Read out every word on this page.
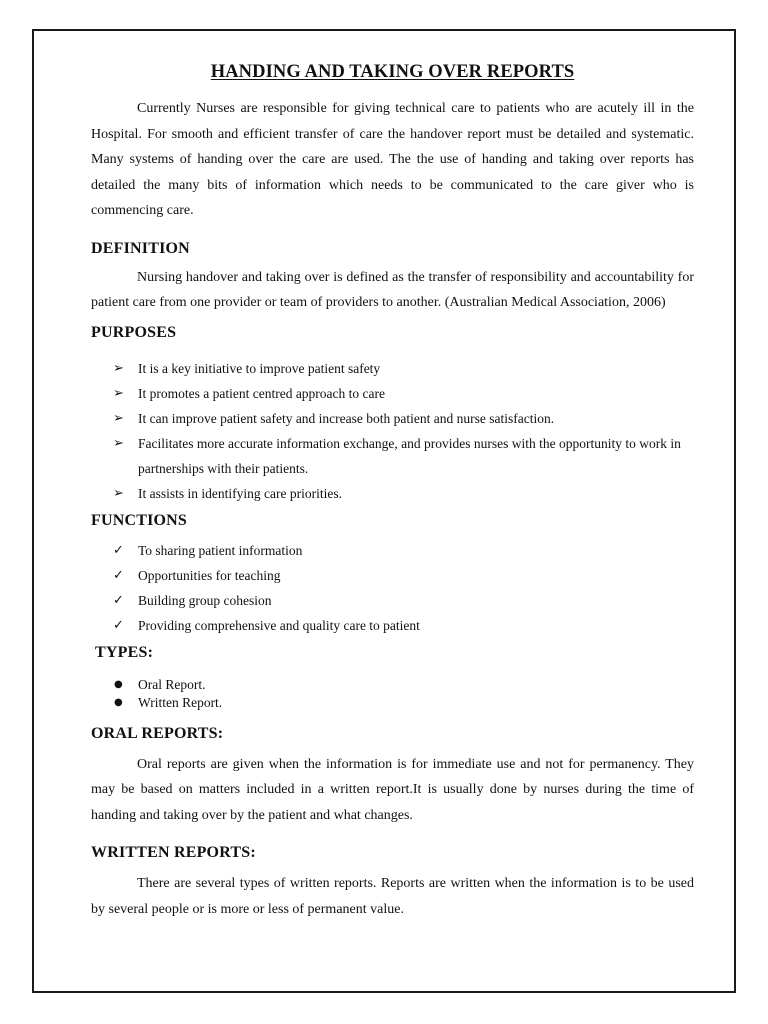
HANDING AND TAKING OVER REPORTS

Currently Nurses are responsible for giving technical care to patients who are acutely ill in the Hospital. For smooth and efficient transfer of care the handover report must be detailed and systematic. Many systems of handing over the care are used. The the use of handing and taking over reports has detailed the many bits of information which needs to be communicated to the care giver who is commencing care.

DEFINITION

Nursing handover and taking over is defined as the transfer of responsibility and accountability for patient care from one provider or team of providers to another. (Australian Medical Association, 2006)

PURPOSES
➢ It is a key initiative to improve patient safety
➢ It promotes a patient centred approach to care
➢ It can improve patient safety and increase both patient and nurse satisfaction.
➢ Facilitates more accurate information exchange, and provides nurses with the opportunity to work in partnerships with their patients.
➢ It assists in identifying care priorities.
FUNCTIONS
✓ To sharing patient information
✓ Opportunities for teaching
✓ Building group cohesion
✓ Providing comprehensive and quality care to patient
TYPES:
● Oral Report.
● Written Report.
ORAL REPORTS:

Oral reports are given when the information is for immediate use and not for permanency. They may be based on matters included in a written report.It is usually done by nurses during the time of handing and taking over by the patient and what changes.

WRITTEN REPORTS:

There are several types of written reports. Reports are written when the information is to be used by several people or is more or less of permanent value.
